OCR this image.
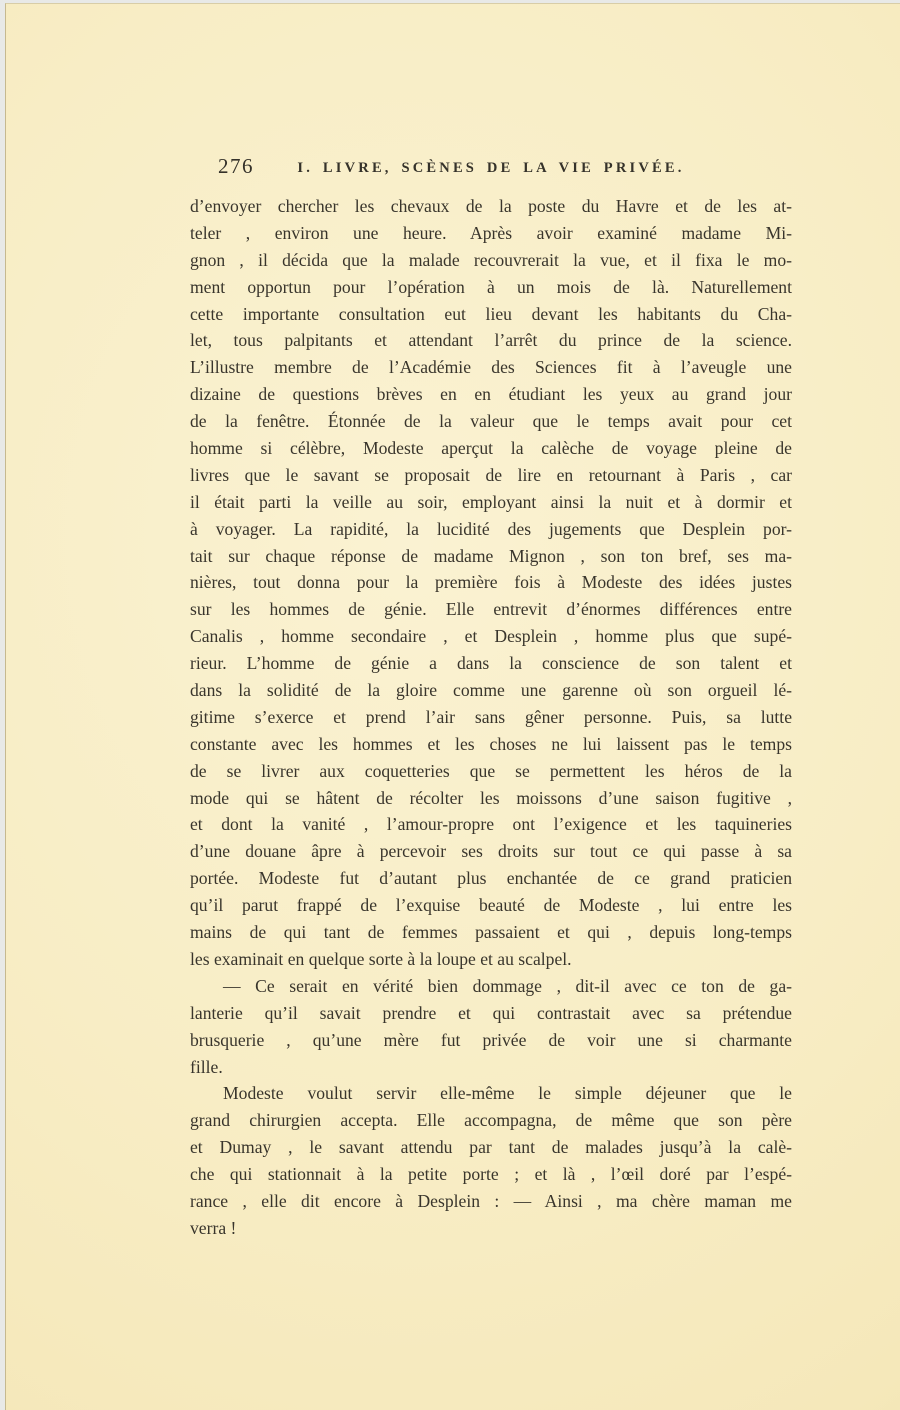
276	I. LIVRE, SCÈNES DE LA VIE PRIVÉE.
d’envoyer chercher les chevaux de la poste du Havre et de les at-
teler , environ une heure. Après avoir examiné madame Mi-
gnon , il décida que la malade recouvrerait la vue, et il fixa le mo-
ment opportun pour l’opération à un mois de là. Naturellement
cette importante consultation eut lieu devant les habitants du Cha-
let, tous palpitants et attendant l’arrêt du prince de la science.
L’illustre membre de l’Académie des Sciences fit à l’aveugle une
dizaine de questions brèves en en étudiant les yeux au grand jour
de la fenêtre. Étonnée de la valeur que le temps avait pour cet
homme si célèbre, Modeste aperçut la calèche de voyage pleine de
livres que le savant se proposait de lire en retournant à Paris , car
il était parti la veille au soir, employant ainsi la nuit et à dormir et
à voyager. La rapidité, la lucidité des jugements que Desplein por-
tait sur chaque réponse de madame Mignon , son ton bref, ses ma-
nières, tout donna pour la première fois à Modeste des idées justes
sur les hommes de génie. Elle entrevit d’énormes différences entre
Canalis , homme secondaire , et Desplein , homme plus que supé-
rieur. L’homme de génie a dans la conscience de son talent et
dans la solidité de la gloire comme une garenne où son orgueil lé-
gitime s’exerce et prend l’air sans gêner personne. Puis, sa lutte
constante avec les hommes et les choses ne lui laissent pas le temps
de se livrer aux coquetteries que se permettent les héros de la
mode qui se hâtent de récolter les moissons d’une saison fugitive ,
et dont la vanité , l’amour-propre ont l’exigence et les taquineries
d’une douane âpre à percevoir ses droits sur tout ce qui passe à sa
portée. Modeste fut d’autant plus enchantée de ce grand praticien
qu’il parut frappé de l’exquise beauté de Modeste , lui entre les
mains de qui tant de femmes passaient et qui , depuis long-temps
les examinait en quelque sorte à la loupe et au scalpel.
— Ce serait en vérité bien dommage , dit-il avec ce ton de ga-
lanterie qu’il savait prendre et qui contrastait avec sa prétendue
brusquerie , qu’une mère fut privée de voir une si charmante
fille.
Modeste voulut servir elle-même le simple déjeuner que le
grand chirurgien accepta. Elle accompagna, de même que son père
et Dumay , le savant attendu par tant de malades jusqu’à la calè-
che qui stationnait à la petite porte ; et là , l’œil doré par l’espé-
rance , elle dit encore à Desplein : — Ainsi , ma chère maman me
verra !
